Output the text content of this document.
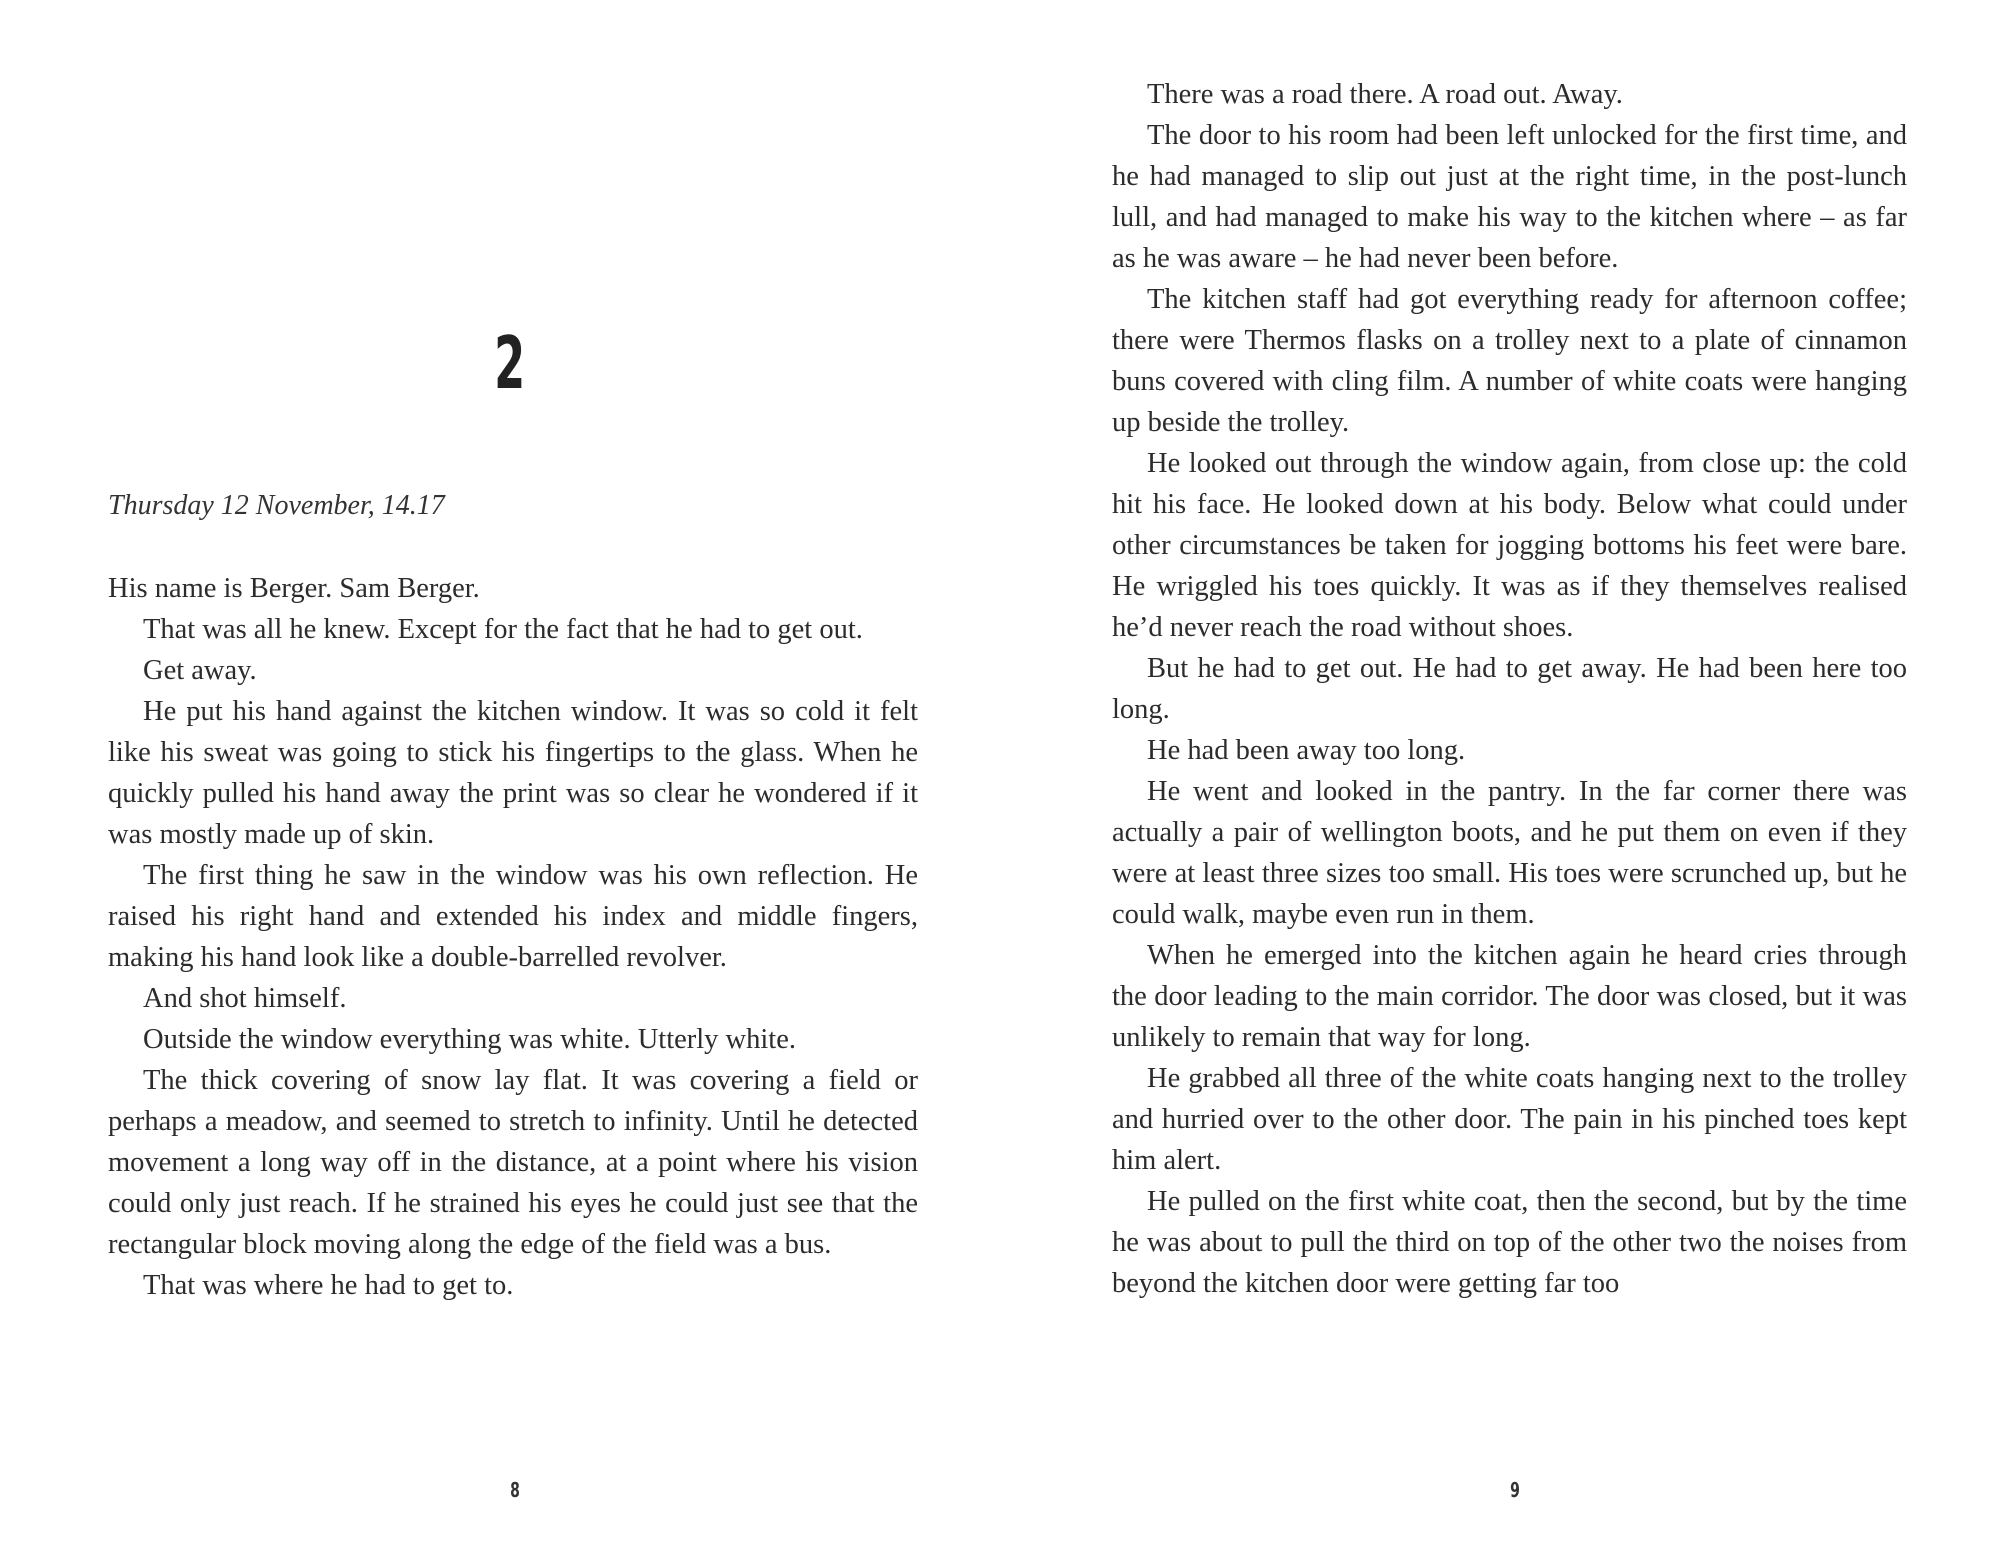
2
Thursday 12 November, 14.17

His name is Berger. Sam Berger.

That was all he knew. Except for the fact that he had to get out.

Get away.

He put his hand against the kitchen window. It was so cold it felt like his sweat was going to stick his fingertips to the glass. When he quickly pulled his hand away the print was so clear he wondered if it was mostly made up of skin.

The first thing he saw in the window was his own reflection. He raised his right hand and extended his index and middle fingers, making his hand look like a double-barrelled revolver.

And shot himself.

Outside the window everything was white. Utterly white.

The thick covering of snow lay flat. It was covering a field or perhaps a meadow, and seemed to stretch to infinity. Until he detected movement a long way off in the distance, at a point where his vision could only just reach. If he strained his eyes he could just see that the rectangular block moving along the edge of the field was a bus.

That was where he had to get to.

8

There was a road there. A road out. Away.

The door to his room had been left unlocked for the first time, and he had managed to slip out just at the right time, in the post-lunch lull, and had managed to make his way to the kitchen where – as far as he was aware – he had never been before.

The kitchen staff had got everything ready for afternoon coffee; there were Thermos flasks on a trolley next to a plate of cinnamon buns covered with cling film. A number of white coats were hanging up beside the trolley.

He looked out through the window again, from close up: the cold hit his face. He looked down at his body. Below what could under other circumstances be taken for jogging bottoms his feet were bare. He wriggled his toes quickly. It was as if they themselves realised he’d never reach the road without shoes.

But he had to get out. He had to get away. He had been here too long.

He had been away too long.

He went and looked in the pantry. In the far corner there was actually a pair of wellington boots, and he put them on even if they were at least three sizes too small. His toes were scrunched up, but he could walk, maybe even run in them.

When he emerged into the kitchen again he heard cries through the door leading to the main corridor. The door was closed, but it was unlikely to remain that way for long.

He grabbed all three of the white coats hanging next to the trolley and hurried over to the other door. The pain in his pinched toes kept him alert.

He pulled on the first white coat, then the second, but by the time he was about to pull the third on top of the other two the noises from beyond the kitchen door were getting far too

9
